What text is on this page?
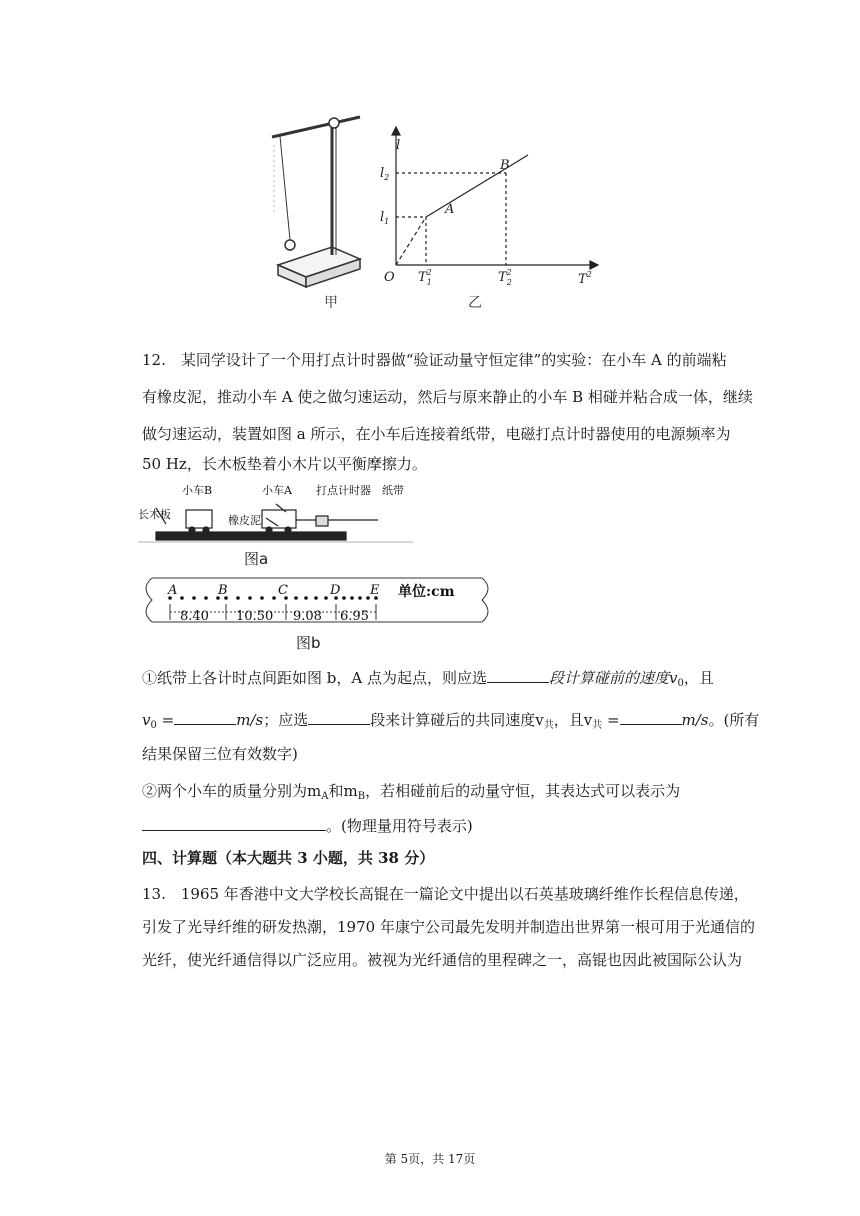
l
$T^2$
O
$l_1$
$l_2$
$T^2$ 1	$T^2$ 2
A
B
甲	乙
12.　某同学设计了一个用打点计时器做“验证动量守恒定律”的实验：在小车 A 的前端粘
有橡皮泥，推动小车 A 使之做匀速运动，然后与原来静止的小车 B 相碰并粘合成一体，继续
做匀速运动，装置如图 a 所示，在小车后连接着纸带，电磁打点计时器使用的电源频率为
50 Hz，长木板垫着小木片以平衡摩擦力。
小车B	小车A 打点计时器 纸带
长木板	橡皮泥
图a
A	B	C	D E 单位:cm
8.40 10.50 9.08 6.95
图b
①纸带上各计时点间距如图 b，A 点为起点，则应选	段计算碰前的速度$v_0$，且
$v_0$ =	m/s；应选	段来计算碰后的共同速度$v_共$，且$v_共$ =	m/s。(所有
结果保留三位有效数字)
②两个小车的质量分别为$m_A$和$m_B$，若相碰前后的动量守恒，其表达式可以表示为
。(物理量用符号表示)
四、计算题（本大题共 3 小题，共 38 分）
13.　1965 年香港中文大学校长高锟在一篇论文中提出以石英基玻璃纤维作长程信息传递，
引发了光导纤维的研发热潮，1970 年康宁公司最先发明并制造出世界第一根可用于光通信的
光纤，使光纤通信得以广泛应用。被视为光纤通信的里程碑之一，高锟也因此被国际公认为
第 5页，共 17页
